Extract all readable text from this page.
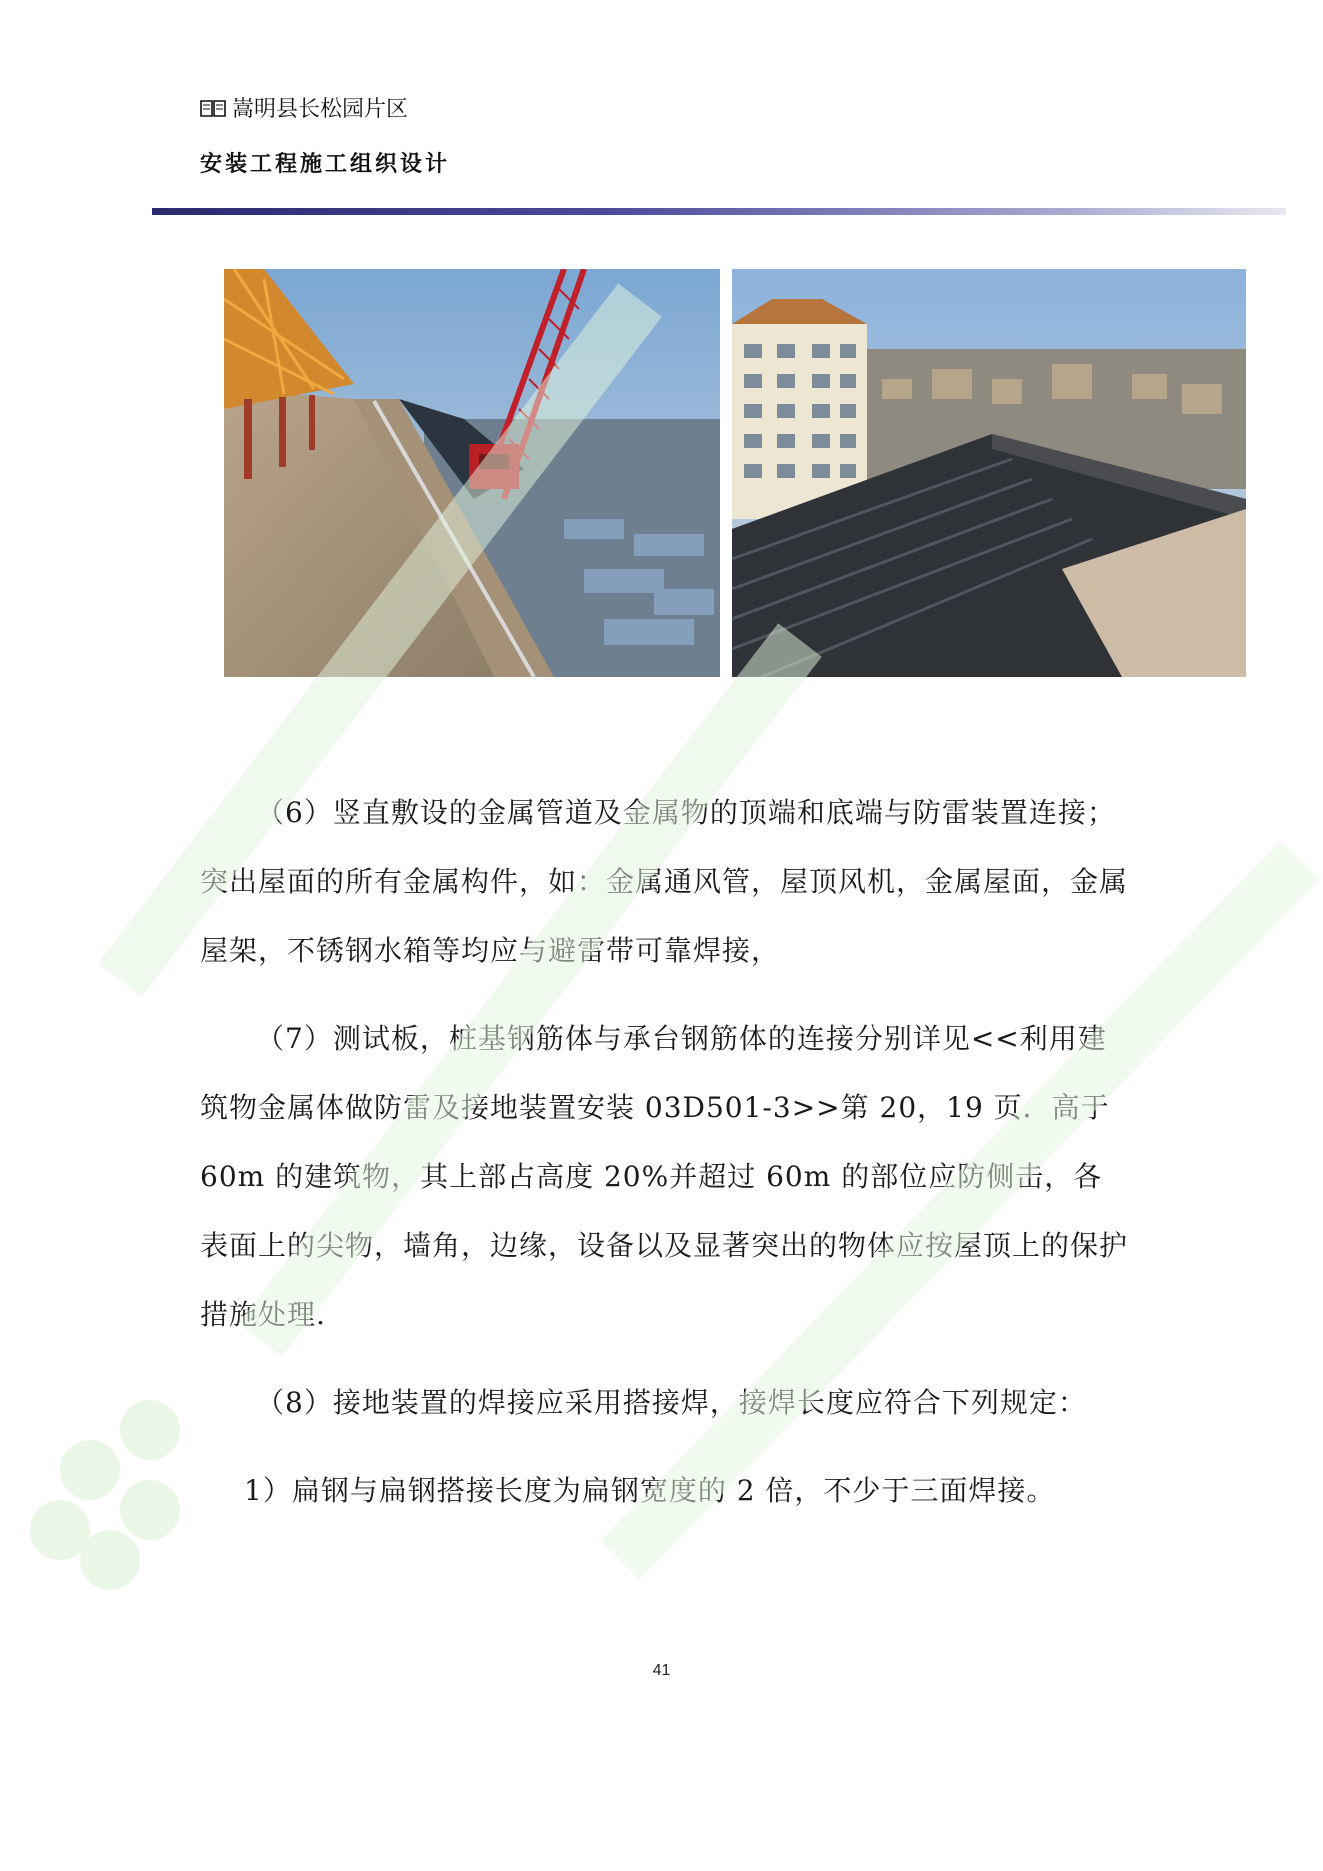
嵩明县长松园片区
安装工程施工组织设计

（6）竖直敷设的金属管道及金属物的顶端和底端与防雷装置连接；突出屋面的所有金属构件，如：金属通风管，屋顶风机，金属屋面，金属屋架，不锈钢水箱等均应与避雷带可靠焊接，

（7）测试板，桩基钢筋体与承台钢筋体的连接分别详见<<利用建筑物金属体做防雷及接地装置安装 03D501-3>>第 20，19 页．高于 60m 的建筑物，其上部占高度 20%并超过 60m 的部位应防侧击，各表面上的尖物，墙角，边缘，设备以及显著突出的物体应按屋顶上的保护措施处理.

（8）接地装置的焊接应采用搭接焊，接焊长度应符合下列规定：

1）扁钢与扁钢搭接长度为扁钢宽度的 2 倍，不少于三面焊接。

41
